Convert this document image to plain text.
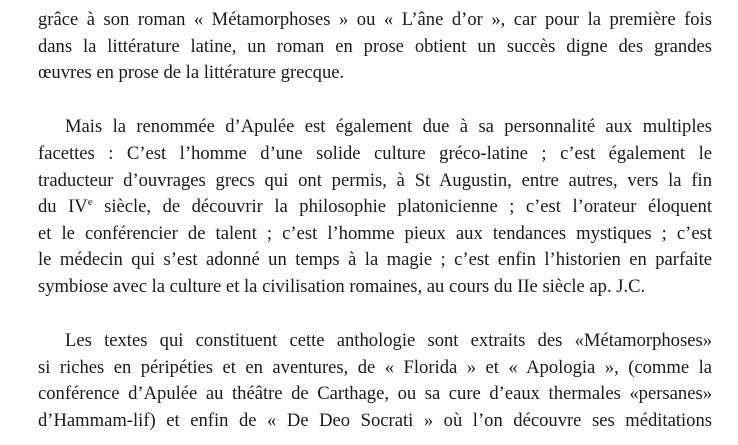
grâce à son roman « Métamorphoses » ou « L’âne d’or », car pour la première fois
dans la littérature latine, un roman en prose obtient un succès digne des grandes
œuvres en prose de la littérature grecque.
Mais la renommée d’Apulée est également due à sa personnalité aux multiples
facettes : C’est l’homme d’une solide culture gréco-latine ; c’est également le
traducteur d’ouvrages grecs qui ont permis, à St Augustin, entre autres, vers la fin
du IVe siècle, de découvrir la philosophie platonicienne ; c’est l’orateur éloquent
et le conférencier de talent ; c’est l’homme pieux aux tendances mystiques ; c’est
le médecin qui s’est adonné un temps à la magie ; c’est enfin l’historien en parfaite
symbiose avec la culture et la civilisation romaines, au cours du IIe siècle ap. J.C.
Les textes qui constituent cette anthologie sont extraits des «Métamorphoses»
si riches en péripéties et en aventures, de « Florida » et « Apologia », (comme la
conférence d’Apulée au théâtre de Carthage, ou sa cure d’eaux thermales «persanes»
d’Hammam-lif) et enfin de « De Deo Socrati » où l’on découvre ses méditations
